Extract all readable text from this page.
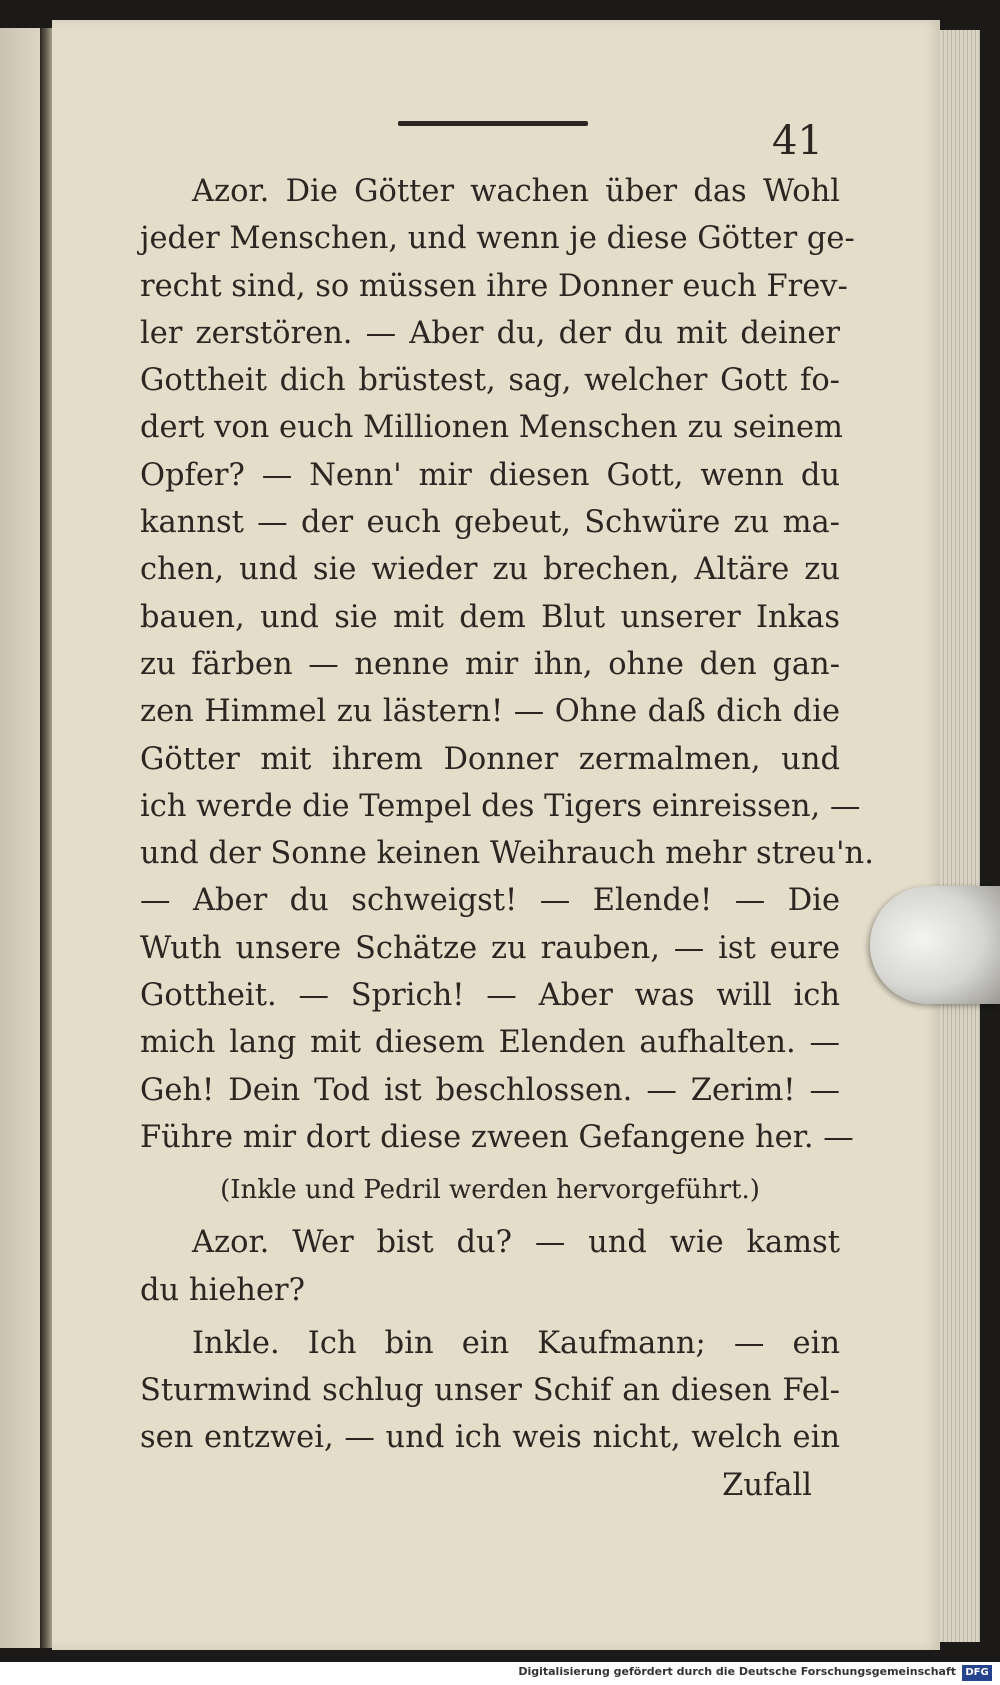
41
Azor. Die Götter wachen über das Wohl
jeder Menschen, und wenn je diese Götter ge-
recht sind, so müssen ihre Donner euch Frev-
ler zerstören. — Aber du, der du mit deiner
Gottheit dich brüstest, sag, welcher Gott fo-
dert von euch Millionen Menschen zu seinem
Opfer? — Nenn' mir diesen Gott, wenn du
kannst — der euch gebeut, Schwüre zu ma-
chen, und sie wieder zu brechen, Altäre zu
bauen, und sie mit dem Blut unserer Inkas
zu färben — nenne mir ihn, ohne den gan-
zen Himmel zu lästern! — Ohne daß dich die
Götter mit ihrem Donner zermalmen, und
ich werde die Tempel des Tigers einreissen, —
und der Sonne keinen Weihrauch mehr streu'n.
— Aber du schweigst! — Elende! — Die
Wuth unsere Schätze zu rauben, — ist eure
Gottheit. — Sprich! — Aber was will ich
mich lang mit diesem Elenden aufhalten. —
Geh! Dein Tod ist beschlossen. — Zerim! —
Führe mir dort diese zween Gefangene her. —
(Inkle und Pedril werden hervorgeführt.)
Azor. Wer bist du? — und wie kamst
du hieher?
Inkle. Ich bin ein Kaufmann; — ein
Sturmwind schlug unser Schif an diesen Fel-
sen entzwei, — und ich weis nicht, welch ein
Zufall
Digitalisierung gefördert durch die Deutsche Forschungsgemeinschaft DFG
